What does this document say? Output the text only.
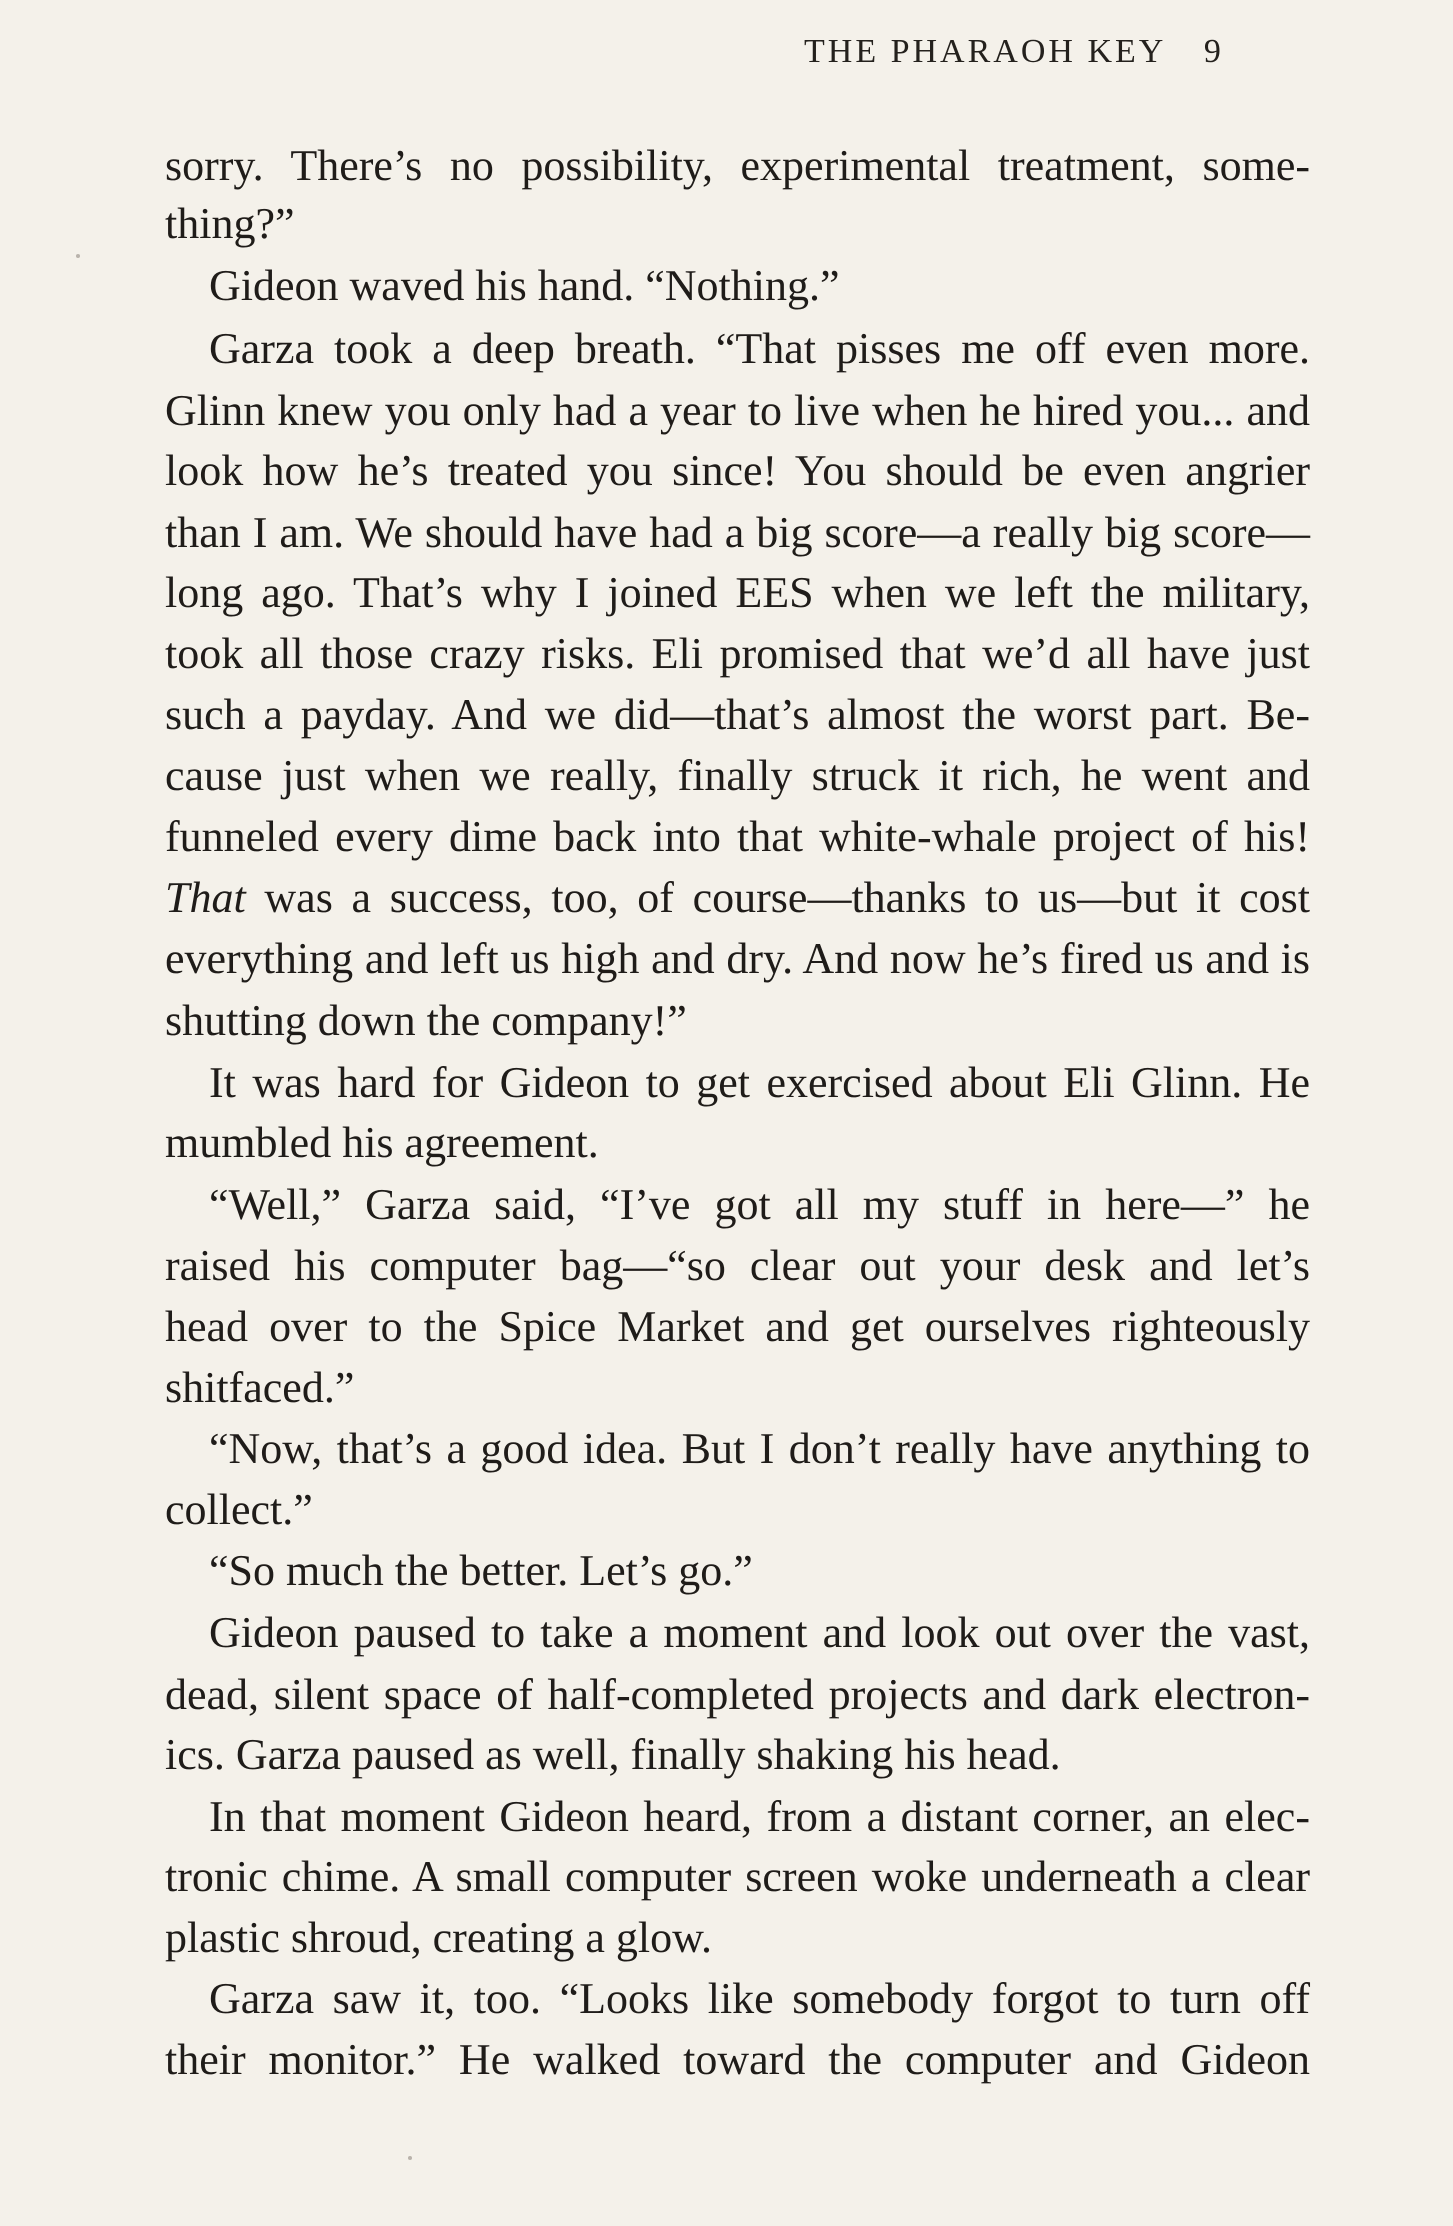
THE PHARAOH KEY 9
sorry. There’s no possibility, experimental treatment, some-
thing?”
Gideon waved his hand. “Nothing.”
Garza took a deep breath. “That pisses me off even more.
Glinn knew you only had a year to live when he hired you... and
look how he’s treated you since! You should be even angrier
than I am. We should have had a big score—a really big score—
long ago. That’s why I joined EES when we left the military,
took all those crazy risks. Eli promised that we’d all have just
such a payday. And we did—that’s almost the worst part. Be-
cause just when we really, finally struck it rich, he went and
funneled every dime back into that white-whale project of his!
That was a success, too, of course—thanks to us—but it cost
everything and left us high and dry. And now he’s fired us and is
shutting down the company!”
It was hard for Gideon to get exercised about Eli Glinn. He
mumbled his agreement.
“Well,” Garza said, “I’ve got all my stuff in here—” he
raised his computer bag—“so clear out your desk and let’s
head over to the Spice Market and get ourselves righteously
shitfaced.”
“Now, that’s a good idea. But I don’t really have anything to
collect.”
“So much the better. Let’s go.”
Gideon paused to take a moment and look out over the vast,
dead, silent space of half-completed projects and dark electron-
ics. Garza paused as well, finally shaking his head.
In that moment Gideon heard, from a distant corner, an elec-
tronic chime. A small computer screen woke underneath a clear
plastic shroud, creating a glow.
Garza saw it, too. “Looks like somebody forgot to turn off
their monitor.” He walked toward the computer and Gideon
